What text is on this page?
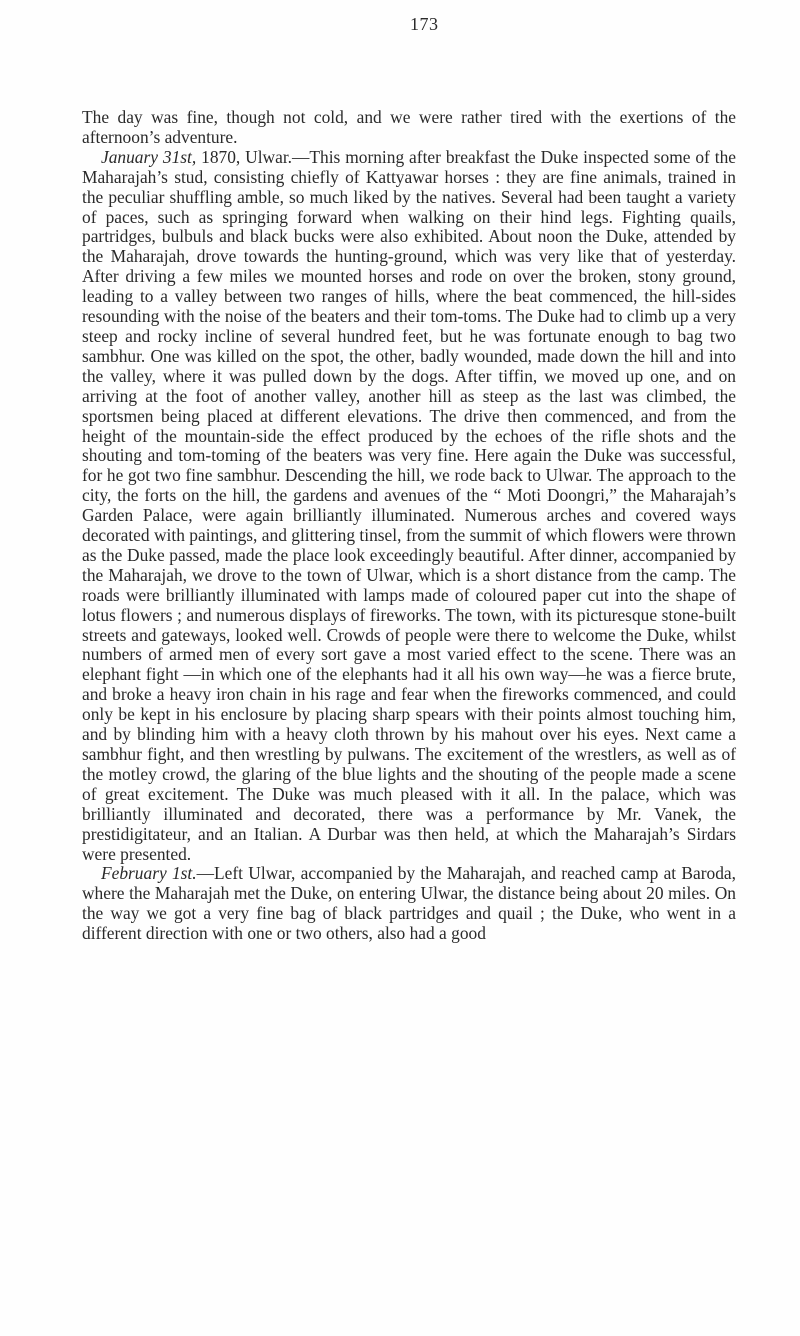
173

The day was fine, though not cold, and we were rather tired with the exertions of the afternoon’s adventure.

January 31st, 1870, Ulwar.—This morning after breakfast the Duke inspected some of the Maharajah’s stud, consisting chiefly of Kattyawar horses : they are fine animals, trained in the peculiar shuffling amble, so much liked by the natives. Several had been taught a variety of paces, such as springing forward when walking on their hind legs. Fighting quails, partridges, bulbuls and black bucks were also exhibited. About noon the Duke, attended by the Maharajah, drove towards the hunting-ground, which was very like that of yesterday. After driving a few miles we mounted horses and rode on over the broken, stony ground, leading to a valley between two ranges of hills, where the beat commenced, the hill-sides resounding with the noise of the beaters and their tom-toms. The Duke had to climb up a very steep and rocky incline of several hundred feet, but he was fortunate enough to bag two sambhur. One was killed on the spot, the other, badly wounded, made down the hill and into the valley, where it was pulled down by the dogs. After tiffin, we moved up one, and on arriving at the foot of another valley, another hill as steep as the last was climbed, the sportsmen being placed at different elevations. The drive then commenced, and from the height of the mountain-side the effect produced by the echoes of the rifle shots and the shouting and tom-toming of the beaters was very fine. Here again the Duke was successful, for he got two fine sambhur. Descending the hill, we rode back to Ulwar. The approach to the city, the forts on the hill, the gardens and avenues of the “ Moti Doongri,” the Maharajah’s Garden Palace, were again brilliantly illuminated. Numerous arches and covered ways decorated with paintings, and glittering tinsel, from the summit of which flowers were thrown as the Duke passed, made the place look exceedingly beautiful. After dinner, accompanied by the Maharajah, we drove to the town of Ulwar, which is a short distance from the camp. The roads were brilliantly illuminated with lamps made of coloured paper cut into the shape of lotus flowers ; and numerous displays of fireworks. The town, with its picturesque stone-built streets and gateways, looked well. Crowds of people were there to welcome the Duke, whilst numbers of armed men of every sort gave a most varied effect to the scene. There was an elephant fight —in which one of the elephants had it all his own way—he was a fierce brute, and broke a heavy iron chain in his rage and fear when the fireworks commenced, and could only be kept in his enclosure by placing sharp spears with their points almost touching him, and by blinding him with a heavy cloth thrown by his mahout over his eyes. Next came a sambhur fight, and then wrestling by pulwans. The excitement of the wrestlers, as well as of the motley crowd, the glaring of the blue lights and the shouting of the people made a scene of great excitement. The Duke was much pleased with it all. In the palace, which was brilliantly illuminated and decorated, there was a performance by Mr. Vanek, the prestidigitateur, and an Italian. A Durbar was then held, at which the Maharajah’s Sirdars were presented.

February 1st.—Left Ulwar, accompanied by the Maharajah, and reached camp at Baroda, where the Maharajah met the Duke, on entering Ulwar, the distance being about 20 miles. On the way we got a very fine bag of black partridges and quail ; the Duke, who went in a different direction with one or two others, also had a good
